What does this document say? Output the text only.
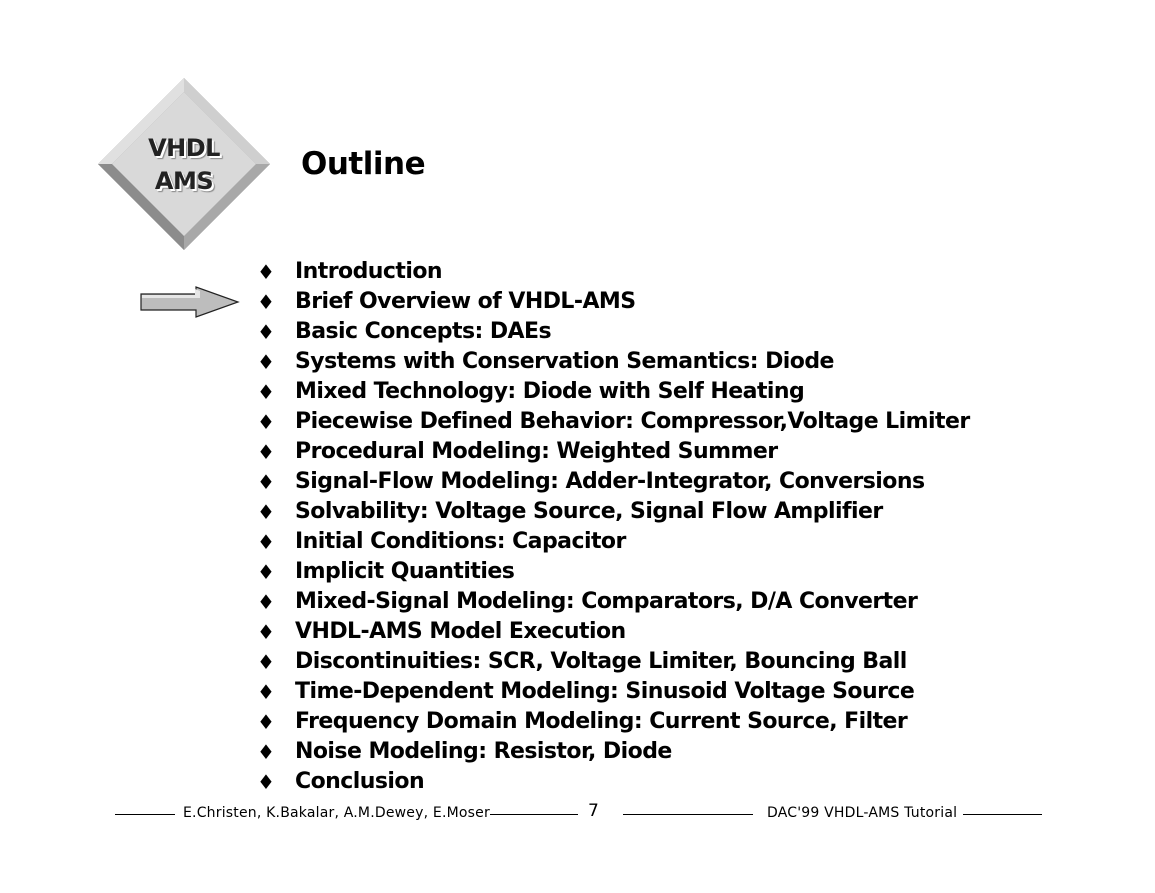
VHDL
AMS	Outline
♦ Introduction
♦ Brief Overview of VHDL-AMS
♦ Basic Concepts: DAEs
♦ Systems with Conservation Semantics: Diode
♦ Mixed Technology: Diode with Self Heating
♦ Piecewise Defined Behavior: Compressor,Voltage Limiter
♦ Procedural Modeling: Weighted Summer
♦ Signal-Flow Modeling: Adder-Integrator, Conversions
♦ Solvability: Voltage Source, Signal Flow Amplifier
♦ Initial Conditions: Capacitor
♦ Implicit Quantities
♦ Mixed-Signal Modeling: Comparators, D/A Converter
♦ VHDL-AMS Model Execution
♦ Discontinuities: SCR, Voltage Limiter, Bouncing Ball
♦ Time-Dependent Modeling: Sinusoid Voltage Source
♦ Frequency Domain Modeling: Current Source, Filter
♦ Noise Modeling: Resistor, Diode
♦ Conclusion
E.Christen, K.Bakalar, A.M.Dewey, E.Moser	7	DAC'99 VHDL-AMS Tutorial
